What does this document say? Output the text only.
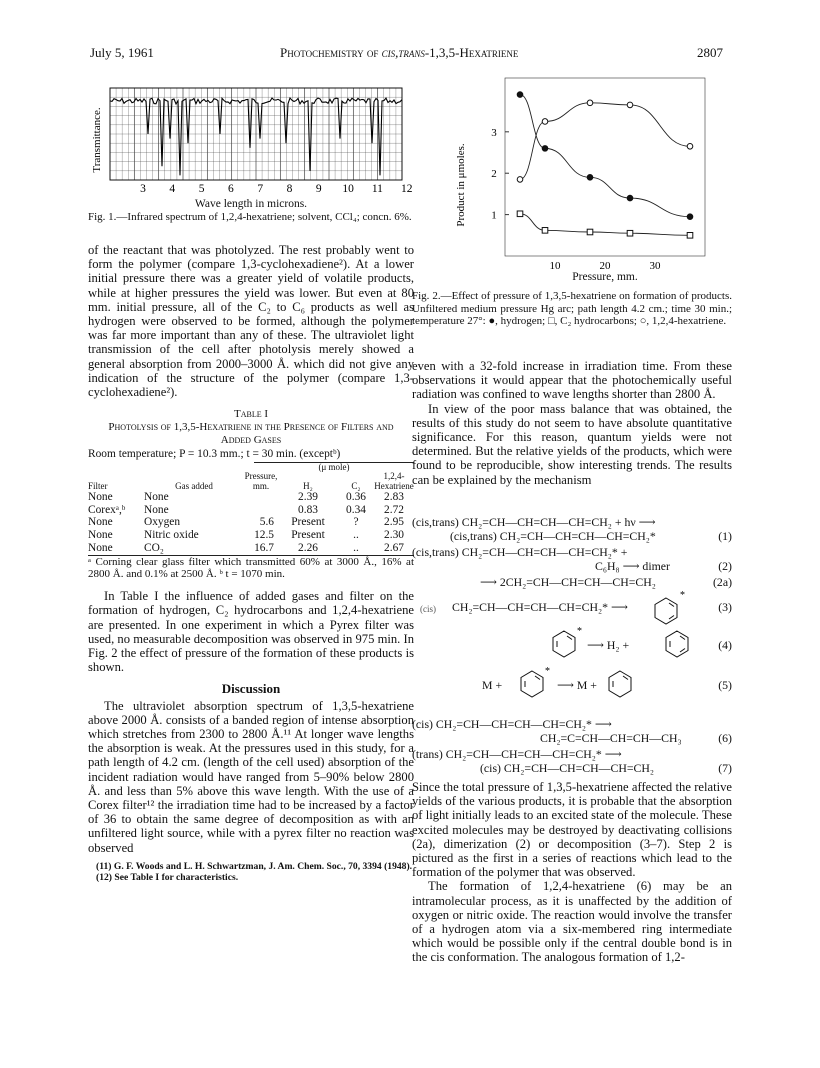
July 5, 1961	Photochemistry of cis,trans-1,3,5-Hexatriene	2807
Transmittance.
3 4 5 6 7 8 9 10 11 12
Wave length in microns.
Fig. 1.—Infrared spectrum of 1,2,4-hexatriene; solvent, CCl₄; concn. 6%.	Product in μmoles. 1
2
3
10	20	30
Pressure, mm.
Fig. 2.—Effect of pressure of 1,3,5-hexatriene on formation of products. Unfiltered medium pressure Hg arc; path length 4.2 cm.; time 30 min.; temperature 27°: ●, hydrogen; □, C₂ hydrocarbons; ○, 1,2,4-hexatriene.

of the reactant that was photolyzed. The rest probably went to form the polymer (compare 1,3-cyclohexadiene²). At a lower initial pressure there was a greater yield of volatile products, while at higher pressures the yield was lower. But even at 80 mm. initial pressure, all of the C₂ to C₆ products as well as hydrogen were observed to be formed, although the polymer was far more important than any of these. The ultraviolet light transmission of the cell after photolysis merely showed a general absorption from 2000–3000 Å. which did not give any indication of the structure of the polymer (compare 1,3-cyclohexadiene²).

Table I
Photolysis of 1,3,5-Hexatriene in the Presence of Filters and Added Gases
Room temperature; P = 10.3 mm.; t = 30 min. (exceptᵇ)
Filter	Gas added	Pressure, mm.	H₂	C₂	(μ mole)
1,2,4-Hexatriene
None	None		2.39	0.36	2.83
Corexᵃ,ᵇ	None		0.83	0.34	2.72
None	Oxygen	5.6	Present	?	2.95
None	Nitric oxide	12.5	Present	..	2.30
None	CO₂	16.7	2.26	..	2.67
ᵃ Corning clear glass filter which transmitted 60% at 3000 Å., 16% at 2800 Å. and 0.1% at 2500 Å. ᵇ t = 1070 min.

In Table I the influence of added gases and filter on the formation of hydrogen, C₂ hydrocarbons and 1,2,4-hexatriene are presented. In one experiment in which a Pyrex filter was used, no measurable decomposition was observed in 975 min. In Fig. 2 the effect of pressure of the formation of these products is shown.

Discussion

The ultraviolet absorption spectrum of 1,3,5-hexatriene above 2000 Å. consists of a banded region of intense absorption which stretches from 2300 to 2800 Å.¹¹ At longer wave lengths the absorption is weak. At the pressures used in this study, for a path length of 4.2 cm. (length of the cell used) absorption of the incident radiation would have ranged from 5–90% below 2800 Å. and less than 5% above this wave length. With the use of a Corex filter¹² the irradiation time had to be increased by a factor of 36 to obtain the same degree of decomposition as with an unfiltered light source, while with a pyrex filter no reaction was observed

(11) G. F. Woods and L. H. Schwartzman, J. Am. Chem. Soc., 70, 3394 (1948).
(12) See Table I for characteristics.

even with a 32-fold increase in irradiation time. From these observations it would appear that the photochemically useful radiation was confined to wave lengths shorter than 2800 Å.

In view of the poor mass balance that was obtained, the results of this study do not seem to have absolute quantitative significance. For this reason, quantum yields were not determined. But the relative yields of the products, which were found to be reproducible, show interesting trends. The results can be explained by the mechanism

(cis,trans) CH₂=CH—CH=CH—CH=CH₂ + hν ⟶
(cis,trans) CH₂=CH—CH=CH—CH=CH₂*	(1)
(cis,trans) CH₂=CH—CH=CH—CH=CH₂* +
C₆H₈ ⟶ dimer	(2)
⟶ 2CH₂=CH—CH=CH—CH=CH₂	(2a)
(cis) CH₂=CH—CH=CH—CH=CH₂* ⟶	(3)
⟶ H₂ +	(4)
M +	⟶ M +	(5)
*
*
*
(cis) CH₂=CH—CH=CH—CH=CH₂* ⟶
CH₂=C=CH—CH=CH—CH₃	(6)
(trans) CH₂=CH—CH=CH—CH=CH₂* ⟶
(cis) CH₂=CH—CH=CH—CH=CH₂	(7)

Since the total pressure of 1,3,5-hexatriene affected the relative yields of the various products, it is probable that the absorption of light initially leads to an excited state of the molecule. These excited molecules may be destroyed by deactivating collisions (2a), dimerization (2) or decomposition (3–7). Step 2 is pictured as the first in a series of reactions which lead to the formation of the polymer that was observed.

The formation of 1,2,4-hexatriene (6) may be an intramolecular process, as it is unaffected by the addition of oxygen or nitric oxide. The reaction would involve the transfer of a hydrogen atom via a six-membered ring intermediate which would be possible only if the central double bond is in the cis conformation. The analogous formation of 1,2-
